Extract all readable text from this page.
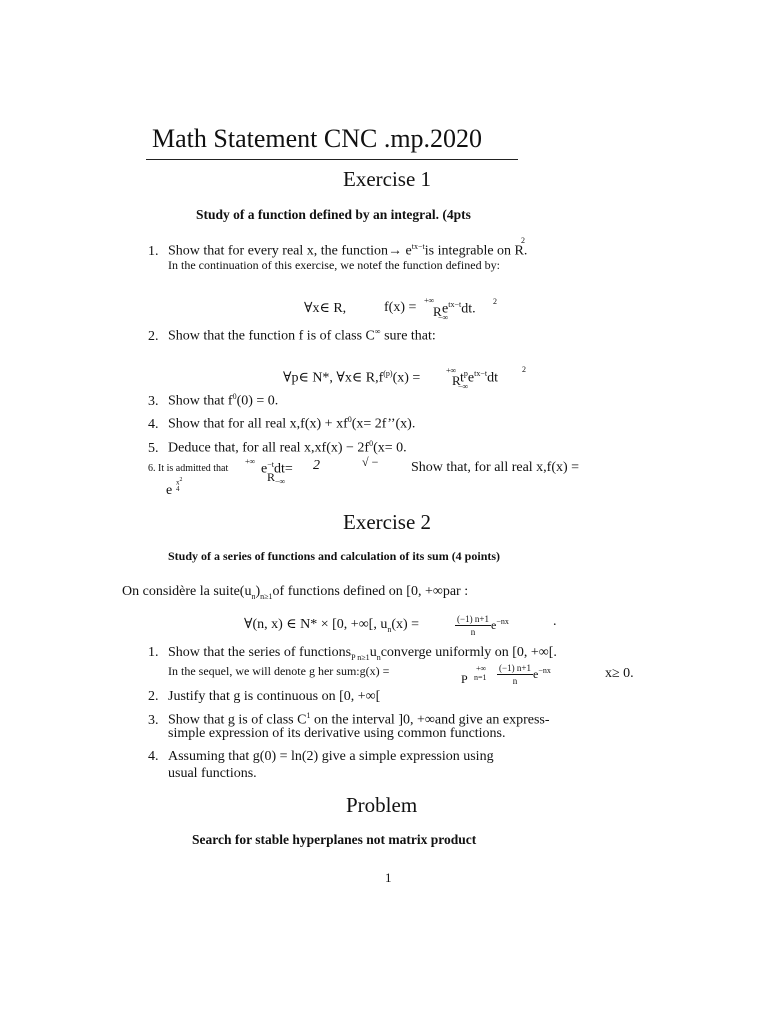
Math Statement CNC .mp.2020
Exercise 1
Study of a function defined by an integral. (4pts
1. Show that for every real x, the function→ $e^{tx-t}is$ integrable on R.
2
In the continuation of this exercise, we notef the function defined by:
∀x∈ R,	f(x) = +∞
R
−∞
$e^{tx-t}dt$.
2
2. Show that the function f is of class C∞ sure that:
∀p∈ N*, ∀x∈ $R,f^{(p)}(x)$ =
+∞
R
−∞
$t^pe^{tx-t}dt$
2
3. Show that $f^0(0) = 0$.
4. Show that for all real $x,f(x) + xf^0(x=$ 2f’’(x).
5. Deduce that, for all real $x,xf(x) - 2f^0(x= 0$.
6. It is admitted that
+∞
$e^{-t}dt=$
R −∞
2	√ − Show that, for all real x,f(x) =
e
$x^2$
4
Exercise 2
Study of a series of functions and calculation of its sum (4 points)
On considère la $suite(u_n)_{n\ge 1}of$ functions defined on [0, +∞par :
∀(n, x) ∈ N* × [0, +∞[, $u_n(x)$ =	(−1) n+1
n	$e^{-nx}$	.
1. Show that the series of $functions_{P n\ge 1}u_nconverge$ uniformly on [0, +∞[.
In the sequel, we will denote g her sum:g(x) =
P
+∞
n=1
(−1) n+1
n	$e^{-nx}$	x≥ 0.
2. Justify that g is continuous on [0, +∞[
3. Show that g is of class $C^1$ on the interval ]0, +∞and give an express-
simple expression of its derivative using common functions.
4. Assuming that g(0) = ln(2) give a simple expression using
usual functions.
Problem
Search for stable hyperplanes not matrix product
1
